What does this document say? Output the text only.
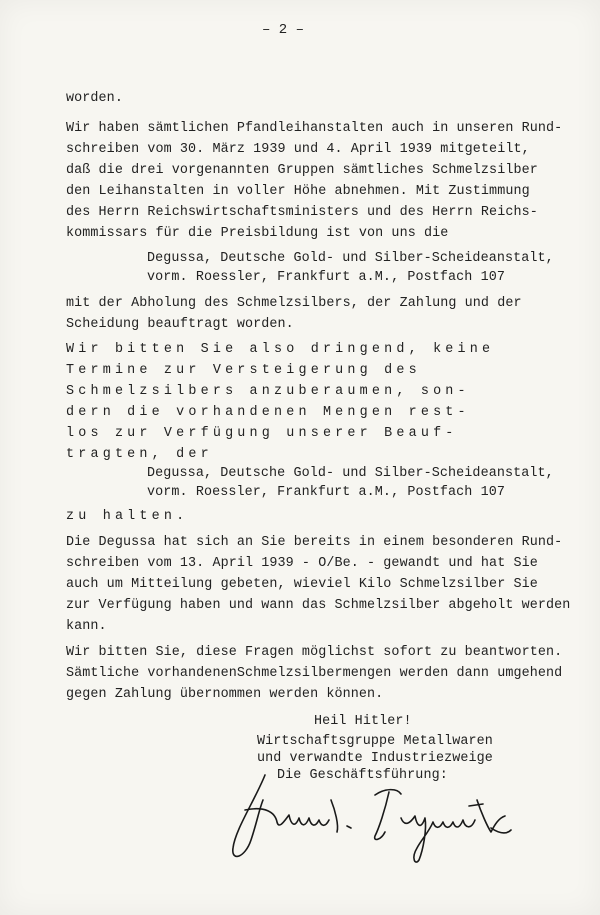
– 2 –
worden.
Wir haben sämtlichen Pfandleihanstalten auch in unseren Rund-
schreiben vom 30. März 1939 und 4. April 1939 mitgeteilt,
daß die drei vorgenannten Gruppen sämtliches Schmelzsilber
den Leihanstalten in voller Höhe abnehmen. Mit Zustimmung
des Herrn Reichswirtschaftsministers und des Herrn Reichs-
kommissars für die Preisbildung ist von uns die
Degussa, Deutsche Gold- und Silber-Scheideanstalt,
vorm. Roessler, Frankfurt a.M., Postfach 107
mit der Abholung des Schmelzsilbers, der Zahlung und der
Scheidung beauftragt worden.
Wir bitten Sie also dringend, keine
Termine zur Versteigerung des
Schmelzsilbers anzuberaumen, son-
dern die vorhandenen Mengen rest-
los zur Verfügung unserer Beauf-
tragten, der
Degussa, Deutsche Gold- und Silber-Scheideanstalt,
vorm. Roessler, Frankfurt a.M., Postfach 107
zu halten.
Die Degussa hat sich an Sie bereits in einem besonderen Rund-
schreiben vom 13. April 1939 - O/Be. - gewandt und hat Sie
auch um Mitteilung gebeten, wieviel Kilo Schmelzsilber Sie
zur Verfügung haben und wann das Schmelzsilber abgeholt werden
kann.
Wir bitten Sie, diese Fragen möglichst sofort zu beantworten.
Sämtliche vorhandenenSchmelzsilbermengen werden dann umgehend
gegen Zahlung übernommen werden können.
Heil Hitler!
Wirtschaftsgruppe Metallwaren
und verwandte Industriezweige
Die Geschäftsführung:
